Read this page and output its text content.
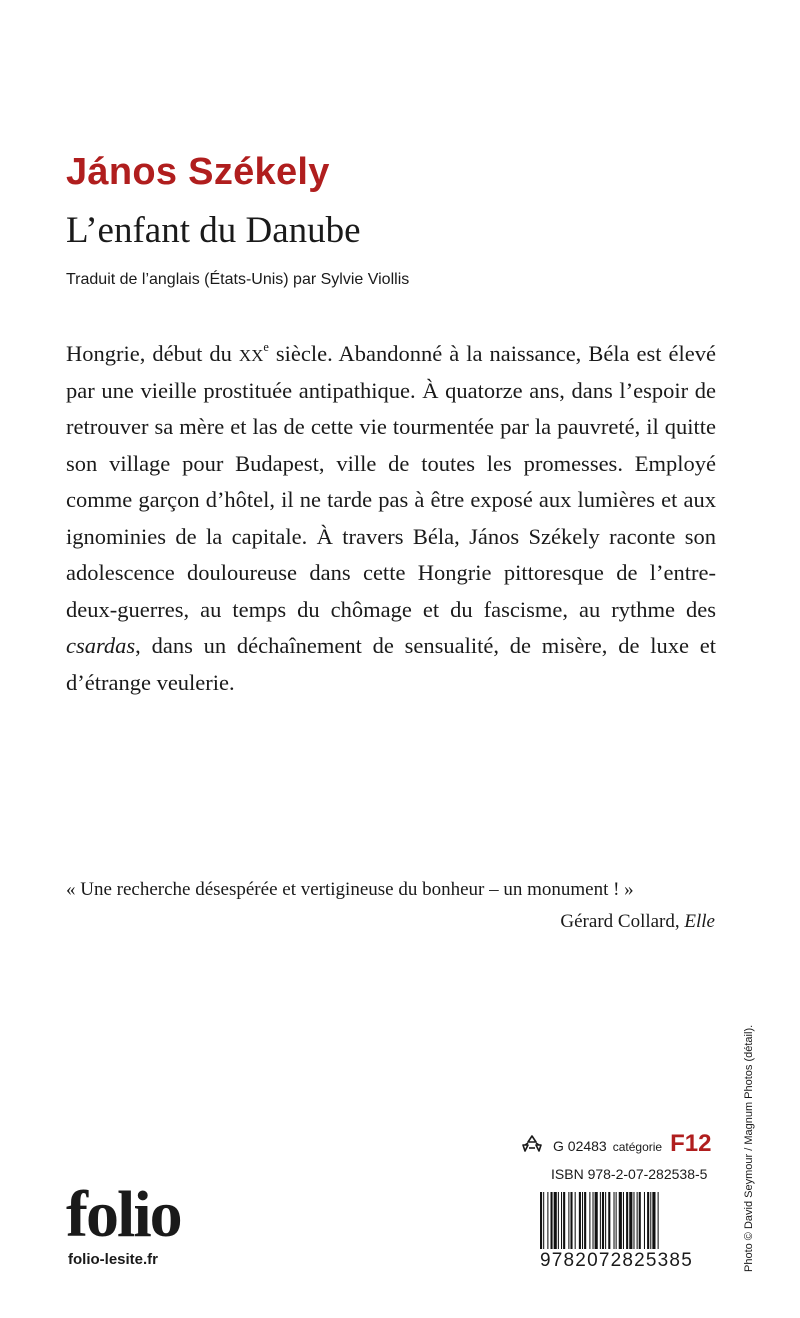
János Székely
L’enfant du Danube
Traduit de l’anglais (États-Unis) par Sylvie Viollis
Hongrie, début du $xx^e$ siècle. Abandonné à la naissance, Béla est élevé par une vieille prostituée antipathique. À quatorze ans, dans l’espoir de retrouver sa mère et las de cette vie tourmentée par la pauvreté, il quitte son village pour Budapest, ville de toutes les promesses. Employé comme garçon d’hôtel, il ne tarde pas à être exposé aux lumières et aux ignominies de la capitale. À travers Béla, János Székely raconte son adolescence douloureuse dans cette Hongrie pittoresque de l’entre-deux-guerres, au temps du chômage et du fascisme, au rythme des csardas, dans un déchaînement de sensualité, de misère, de luxe et d’étrange veulerie.
« Une recherche désespérée et vertigineuse du bonheur – un monument ! »
Gérard Collard, Elle
Photo © David Seymour / Magnum Photos (détail).
folio
folio-lesite.fr
G 02483 catégorie F12
ISBN 978-2-07-282538-5
9782072825385
